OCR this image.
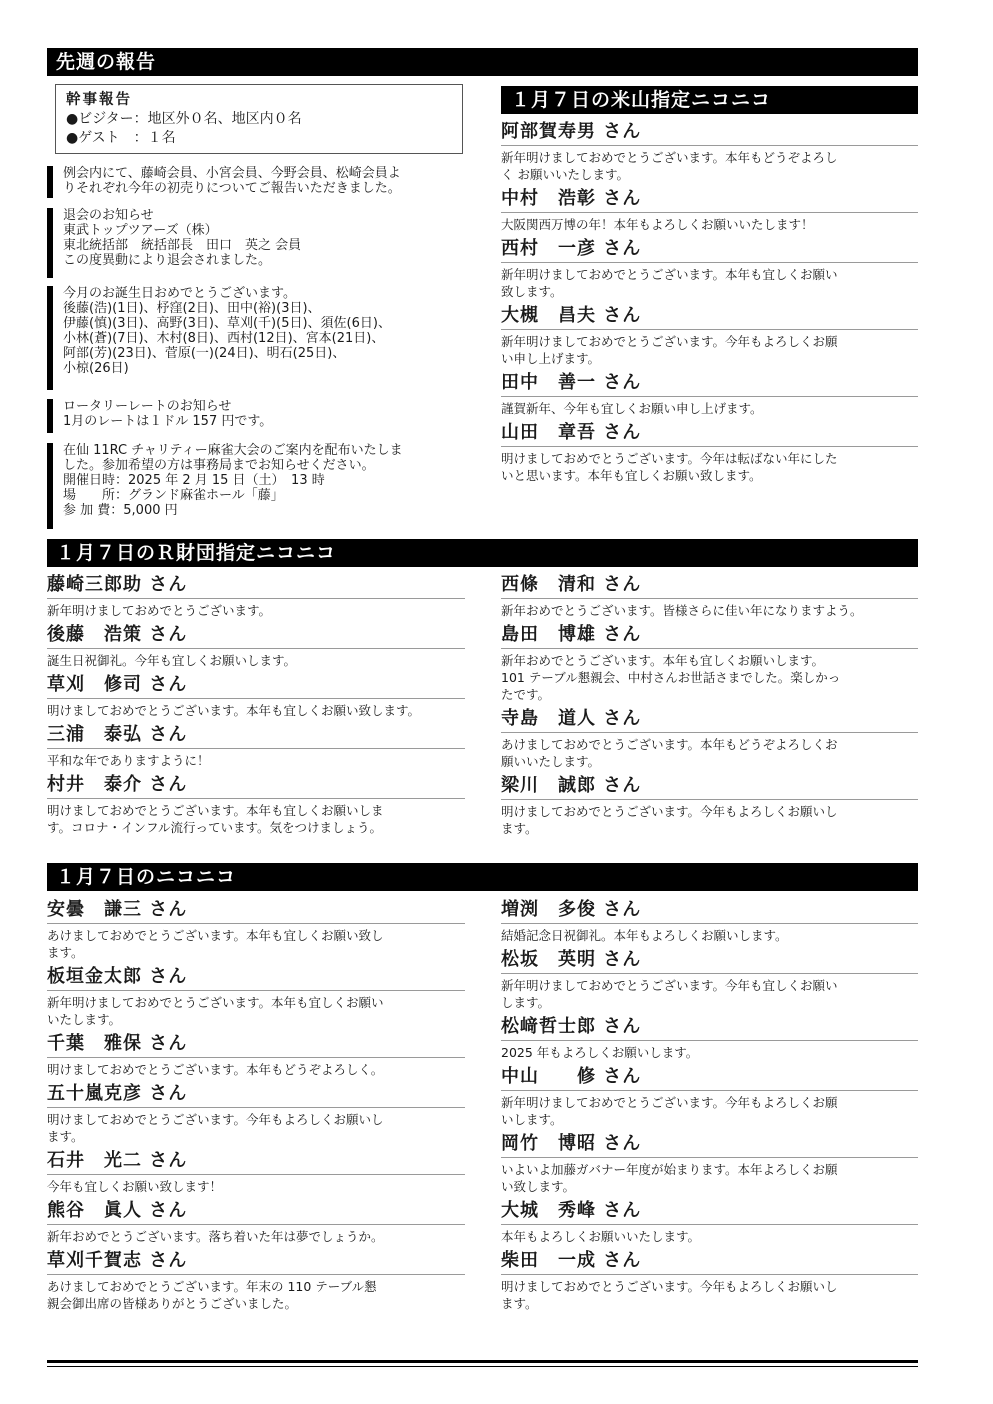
先週の報告
幹事報告
●ビジター：地区外０名、地区内０名
●ゲスト　：１名
例会内にて、藤崎会員、小宮会員、今野会員、松崎会員よ
りそれぞれ今年の初売りについてご報告いただきました。
退会のお知らせ
東武トップツアーズ（株）
東北統括部　統括部長　田口　英之 会員
この度異動により退会されました。
今月のお誕生日おめでとうございます。
後藤(浩)(1日)、杼窪(2日)、田中(裕)(3日)、
伊藤(慎)(3日)、高野(3日)、草刈(千)(5日)、須佐(6日)、
小林(蒼)(7日)、木村(8日)、西村(12日)、宮本(21日)、
阿部(芳)(23日)、菅原(一)(24日)、明石(25日)、
小椋(26日)
ロータリーレートのお知らせ
1月のレートは１ドル 157 円です。
在仙 11RC チャリティー麻雀大会のご案内を配布いたしま
した。参加希望の方は事務局までお知らせください。
開催日時：2025 年 2 月 15 日（土）　13 時
場　　所：グランド麻雀ホール「藤」
参 加 費：5,000 円
１月７日の米山指定ニコニコ
阿部賀寿男 さん
新年明けましておめでとうございます。本年もどうぞよろし
く お願いいたします。
中村　浩彰 さん
大阪関西万博の年！本年もよろしくお願いいたします！
西村　一彦 さん
新年明けましておめでとうございます。本年も宜しくお願い
致します。
大槻　昌夫 さん
新年明けましておめでとうございます。今年もよろしくお願
い申し上げます。
田中　善一 さん
謹賀新年、今年も宜しくお願い申し上げます。
山田　章吾 さん
明けましておめでとうございます。今年は転ばない年にした
いと思います。本年も宜しくお願い致します。
１月７日のＲ財団指定ニコニコ
藤崎三郎助 さん
新年明けましておめでとうございます。
後藤　浩策 さん
誕生日祝御礼。今年も宜しくお願いします。
草刈　修司 さん
明けましておめでとうございます。本年も宜しくお願い致します。
三浦　泰弘 さん
平和な年でありますように！
村井　泰介 さん
明けましておめでとうございます。本年も宜しくお願いしま
す。コロナ・インフル流行っています。気をつけましょう。
西條　清和 さん
新年おめでとうございます。皆様さらに佳い年になりますよう。
島田　博雄 さん
新年おめでとうございます。本年も宜しくお願いします。
101 テーブル懇親会、中村さんお世話さまでした。楽しかっ
たです。
寺島　道人 さん
あけましておめでとうございます。本年もどうぞよろしくお
願いいたします。
梁川　誠郎 さん
明けましておめでとうございます。今年もよろしくお願いし
ます。
１月７日のニコニコ
安曇　謙三 さん
あけましておめでとうございます。本年も宜しくお願い致し
ます。
板垣金太郎 さん
新年明けましておめでとうございます。本年も宜しくお願い
いたします。
千葉　雅保 さん
明けましておめでとうございます。本年もどうぞよろしく。
五十嵐克彦 さん
明けましておめでとうございます。今年もよろしくお願いし
ます。
石井　光二 さん
今年も宜しくお願い致します！
熊谷　眞人 さん
新年おめでとうございます。落ち着いた年は夢でしょうか。
草刈千賀志 さん
あけましておめでとうございます。年末の 110 テーブル懇
親会御出席の皆様ありがとうございました。
増渕　多俊 さん
結婚記念日祝御礼。本年もよろしくお願いします。
松坂　英明 さん
新年明けましておめでとうございます。今年も宜しくお願い
します。
松﨑哲士郎 さん
2025 年もよろしくお願いします。
中山　　修 さん
新年明けましておめでとうございます。今年もよろしくお願
いします。
岡竹　博昭 さん
いよいよ加藤ガバナー年度が始まります。本年よろしくお願
い致します。
大城　秀峰 さん
本年もよろしくお願いいたします。
柴田　一成 さん
明けましておめでとうございます。今年もよろしくお願いし
ます。
